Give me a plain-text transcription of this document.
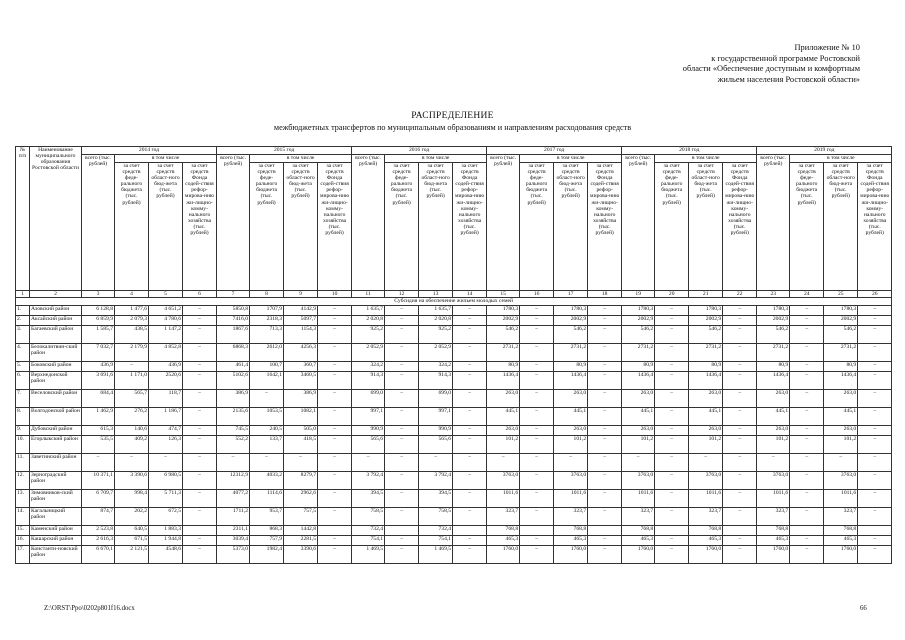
Приложение № 10
к государственной программе Ростовской
области «Обеспечение доступным и комфортным
жильем населения Ростовской области»
РАСПРЕДЕЛЕНИЕ
межбюджетных трансфертов по муниципальным образованиям и направлениям расходования средств
№ п/п	Наименование муниципального образования Ростовской области	2014 год				2015 год				2016 год				2017 год				2018 год				2019 год			
		всего (тыс. рублей)	в том числе			всего (тыс. рублей)	в том числе			всего (тыс. рублей)	в том числе			всего (тыс. рублей)	в том числе			всего (тыс. рублей)	в том числе			всего (тыс. рублей)	в том числе		
			за счет средств феде-рального бюджета (тыс. рублей)	за счет средств област-ного бюд-жета (тыс. рублей)	за счет средств Фонда содей-ствия рефор-мирова-нию жи-лищно-комму-нального хозяйства (тыс. рублей)		за счет средств феде-рального бюджета (тыс. рублей)	за счет средств област-ного бюд-жета (тыс. рублей)	за счет средств Фонда содей-ствия рефор-мирова-нию жи-лищно-комму-нального хозяйства (тыс. рублей)		за счет средств феде-рального бюджета (тыс. рублей)	за счет средств област-ного бюд-жета (тыс. рублей)	за счет средств Фонда содей-ствия рефор-мирова-нию жи-лищно-комму-нального хозяйства (тыс. рублей)		за счет средств феде-рального бюджета (тыс. рублей)	за счет средств област-ного бюд-жета (тыс. рублей)	за счет средств Фонда содей-ствия рефор-мирова-нию жи-лищно-комму-нального хозяйства (тыс. рублей)		за счет средств феде-рального бюджета (тыс. рублей)	за счет средств област-ного бюд-жета (тыс. рублей)	за счет средств Фонда содей-ствия рефор-мирова-нию жи-лищно-комму-нального хозяйства (тыс. рублей)		за счет средств феде-рального бюджета (тыс. рублей)	за счет средств област-ного бюд-жета (тыс. рублей)	за счет средств Фонда содей-ствия рефор-мирова-нию жи-лищно-комму-нального хозяйства (тыс. рублей)
1	2	3	4	5	6	7	8	9	10	11	12	13	14	15	16	17	18	19	20	21	22	23	24	25	26
Субсидия на обеспечение жильем молодых семей																									
1.	Азовский район	6 128,8	1 477,6	4 651,2	–	5850,8	1707,9	4142,9	–	1 635,7	–	1 635,7	–	1780,3	–	1780,3	–	1780,3	–	1780,3	–	1780,3	–	1780,3	–
2.	Аксайский район	6 859,9	2 079,3	4 780,6	–	7416,0	2318,3	5097,7	–	2 020,8	–	2 020,8	–	2002,9	–	2002,9	–	2002,9	–	2002,9	–	2002,9	–	2002,9	–
3.	Багаевский район	1 585,7	438,5	1 147,2	–	1867,6	713,3	1154,3	–	925,2	–	925,2	–	546,2	–	546,2	–	546,2	–	546,2	–	546,2	–	546,2	–
4.	Белокалитвин-ский район	7 032,7	2 179,9	4 852,8	–	6868,3	2612,0	4256,3	–	2 052,9	–	2 052,9	–	2731,2	–	2731,2	–	2731,2	–	2731,2	–	2731,2	–	2731,2	–
5.	Боковский район	436,9	–	436,9	–	461,4	100,7	360,7	–	324,2	–	324,2	–	80,9	–	80,9	–	80,9	–	80,9	–	80,9	–	80,9	–
6.	Верхнедонской район	3 691,6	1 171,0	2520,6	–	5102,6	1642,1	3460,5	–	914,3	–	914,3	–	1436,4	–	1436,4	–	1436,4	–	1436,4	–	1436,4	–	1436,4	–
7.	Веселовский район	684,4	565,7	118,7	–	386,9	–	386,9	–	699,0	–	699,0	–	263,0	–	263,0	–	263,0	–	263,0	–	263,0	–	263,0	–
8.	Волгодонской район	1 462,9	276,2	1 186,7	–	2135,6	1053,5	1082,1	–	997,1	–	997,1	–	445,1	–	445,1	–	445,1	–	445,1	–	445,1	–	445,1	–
9.	Дубовский район	615,3	140,6	474,7	–	745,5	240,5	505,0	–	990,9	–	990,9	–	263,0	–	263,0	–	263,0	–	263,0	–	263,0	–	263,0	–
10.	Егорлыкский район	535,5	409,2	126,3	–	552,2	133,7	418,5	–	565,6	–	565,6	–	101,2	–	101,2	–	101,2	–	101,2	–	101,2	–	101,2	–
11.	Заветинский район	–	–	–	–	–	–	–	–	–	–	–	–	–	–	–	–	–	–	–	–	–	–	–	–
12.	Зерноградский район	10 371,1	3 390,6	6 980,5	–	12312,9	4033,2	8279,7	–	3 792,4	–	3 792,4	–	3763,0	–	3763,0	–	3763,0	–	3763,0	–	3763,0	–	3763,0	–
13.	Зимовников-ский район	6 709,7	998,4	5 711,3	–	4077,2	1114,6	2962,6	–	394,5	–	394,5	–	1011,6	–	1011,6	–	1011,6	–	1011,6	–	1011,6	–	1011,6	–
14.	Кагальницкий район	874,7	202,2	672,5	–	1711,2	953,7	757,5	–	758,5	–	758,5	–	323,7	–	323,7	–	323,7	–	323,7	–	323,7	–	323,7	–
15.	Каменский район	2 523,8	640,5	1 883,3		2311,1	868,3	1442,8		732,4		732,4		768,8		768,8		768,8		768,8		768,8		768,8	
16.	Кашарский район	2 616,3	671,5	1 944,8	–	3039,4	757,9	2281,5	–	754,1	–	754,1	–	465,3	–	465,3	–	465,3	–	465,3	–	465,3	–	465,3	–
17.	Константи-новский район	6 670,1	2 121,5	4548,6	–	5373,0	1982,4	3390,6	–	1 469,5	–	1 469,5	–	1760,0	–	1760,0	–	1760,0	–	1760,0	–	1760,0	–	1760,0	–
Z:\ORST\Ppo\0202p801f16.docx	66
